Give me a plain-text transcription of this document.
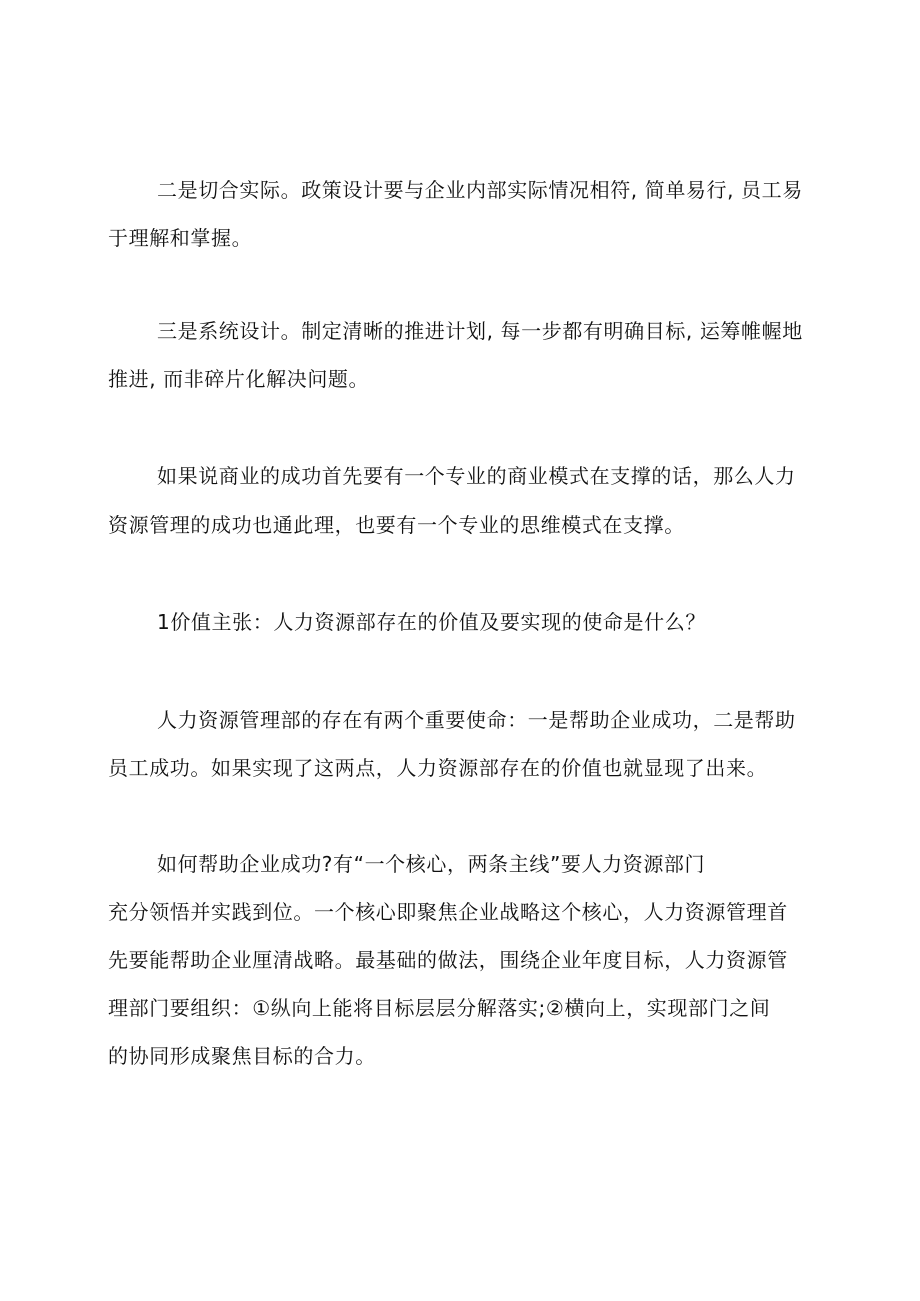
二是切合实际。政策设计要与企业内部实际情况相符, 简单易行, 员工易

于理解和掌握。

三是系统设计。制定清晰的推进计划, 每一步都有明确目标, 运筹帷幄地

推进, 而非碎片化解决问题。

如果说商业的成功首先要有一个专业的商业模式在支撑的话，那么人力

资源管理的成功也通此理，也要有一个专业的思维模式在支撑。

1价值主张：人力资源部存在的价值及要实现的使命是什么？

人力资源管理部的存在有两个重要使命：一是帮助企业成功，二是帮助

员工成功。如果实现了这两点，人力资源部存在的价值也就显现了出来。

如何帮助企业成功?有“一个核心，两条主线”要人力资源部门

充分领悟并实践到位。一个核心即聚焦企业战略这个核心，人力资源管理首

先要能帮助企业厘清战略。最基础的做法，围绕企业年度目标，人力资源管

理部门要组织：①纵向上能将目标层层分解落实;②横向上，实现部门之间

的协同形成聚焦目标的合力。
